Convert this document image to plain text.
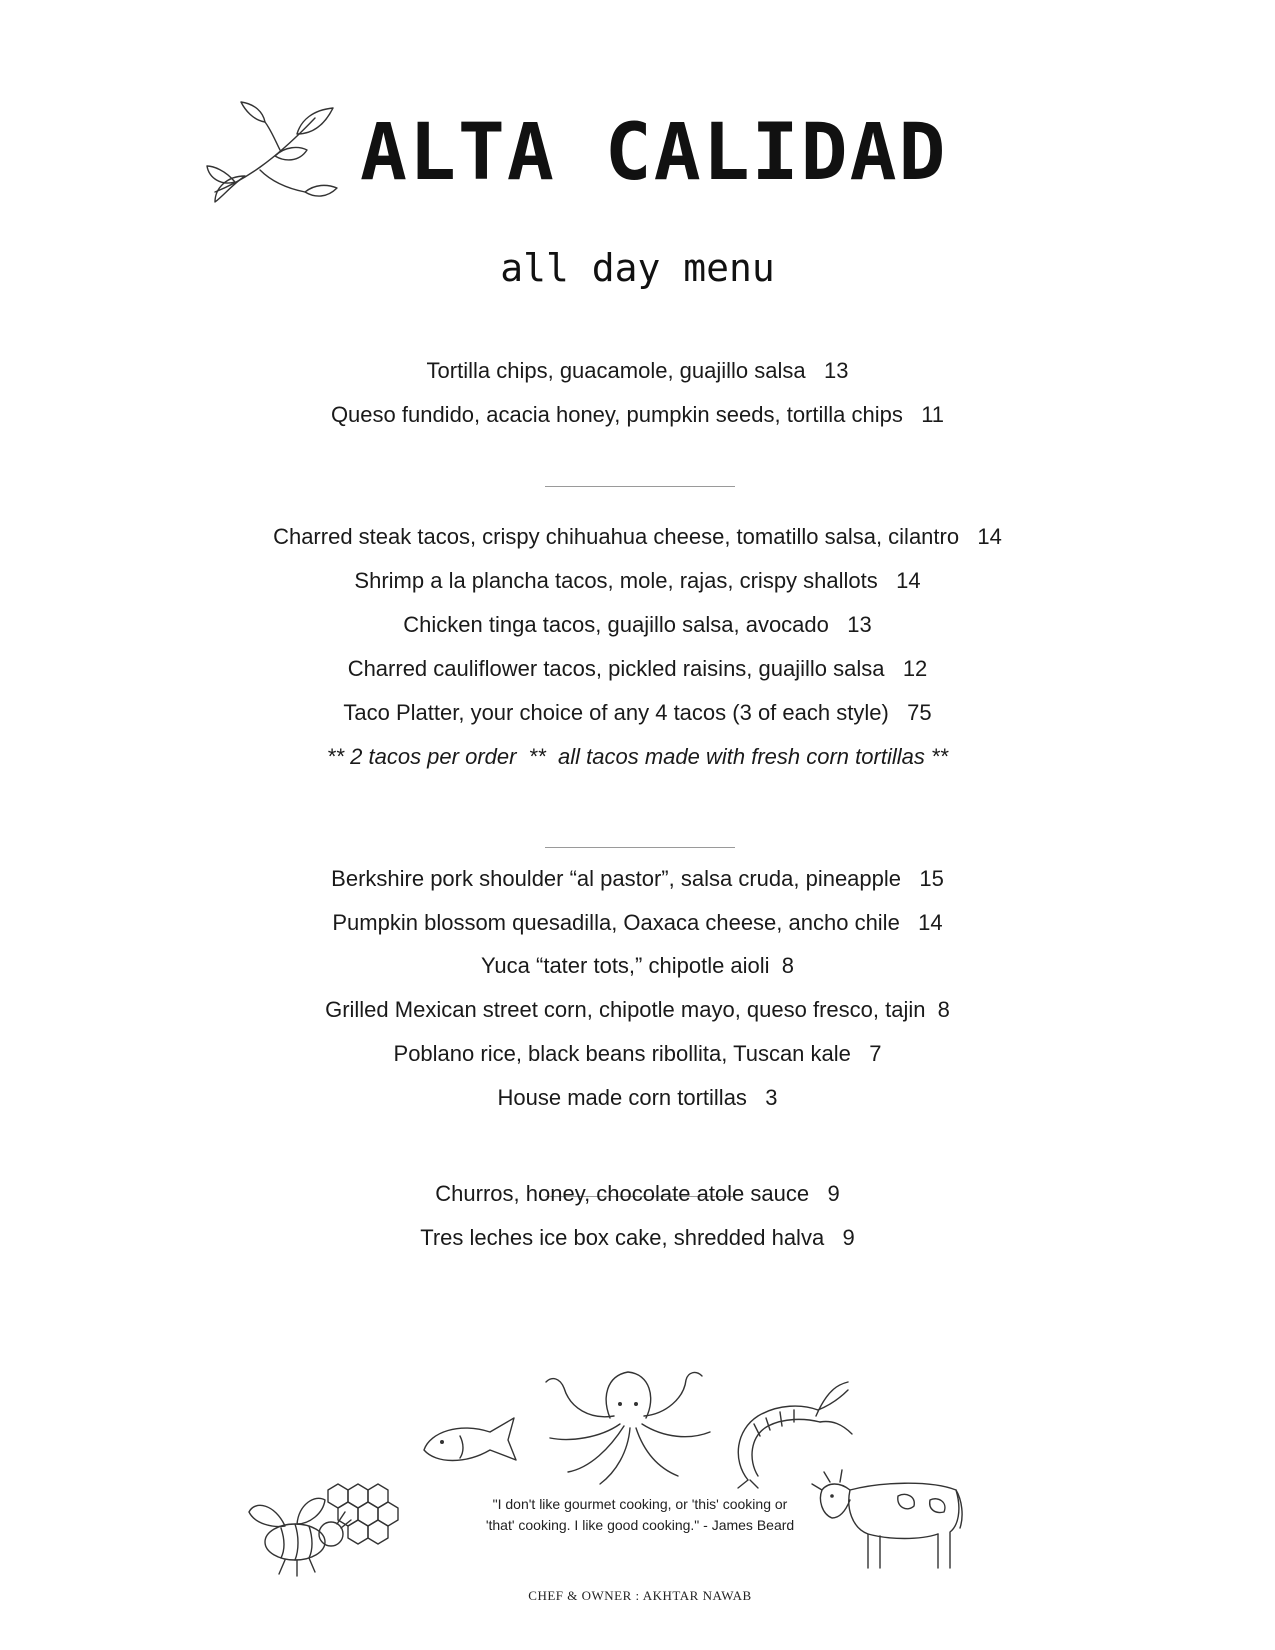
ALTA CALIDAD
all day menu
Tortilla chips, guacamole, guajillo salsa   13
Queso fundido, acacia honey, pumpkin seeds, tortilla chips   11
Charred steak tacos, crispy chihuahua cheese, tomatillo salsa, cilantro   14
Shrimp a la plancha tacos, mole, rajas, crispy shallots   14
Chicken tinga tacos, guajillo salsa, avocado   13
Charred cauliflower tacos, pickled raisins, guajillo salsa   12
Taco Platter, your choice of any 4 tacos (3 of each style)   75
** 2 tacos per order  **  all tacos made with fresh corn tortillas **
Berkshire pork shoulder “al pastor”, salsa cruda, pineapple   15
Pumpkin blossom quesadilla, Oaxaca cheese, ancho chile   14
Yuca “tater tots,” chipotle aioli  8
Grilled Mexican street corn, chipotle mayo, queso fresco, tajin  8
Poblano rice, black beans ribollita, Tuscan kale   7
House made corn tortillas   3
Churros, honey, chocolate atole sauce   9
Tres leches ice box cake, shredded halva   9
"I don't like gourmet cooking, or 'this' cooking or
'that' cooking. I like good cooking." - James Beard
CHEF & OWNER : AKHTAR NAWAB
